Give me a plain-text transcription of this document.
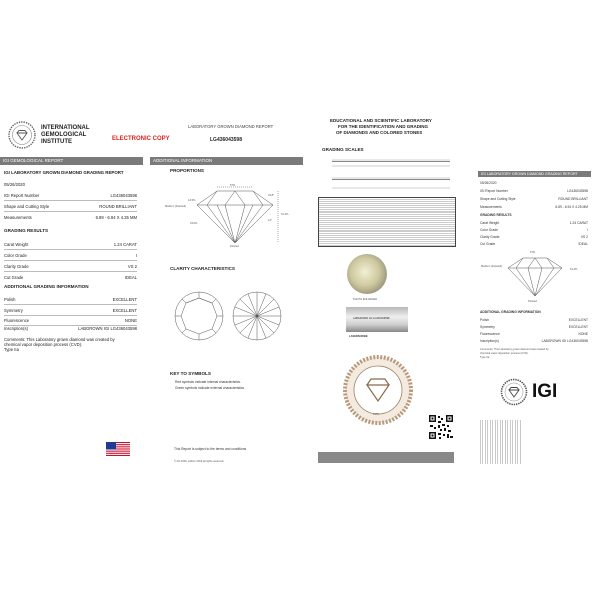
INTERNATIONAL
GEMOLOGICAL
INSTITUTE	ELECTRONIC COPY
LABORATORY GROWN DIAMOND REPORT
LG436043598
IGI GEMOLOGICAL REPORT	ADDITIONAL INFORMATION
IGI LABORATORY GROWN DIAMOND GRADING REPORT
05/26/2020
IGI Report Number	LG436043598
Shape and Cutting Style	ROUND BRILLIANT
Measurements	6.89 - 6.94 X 4.25 MM
GRADING RESULTS
Carat Weight	1.24 CARAT
Color Grade	I
Clarity Grade	VS 2
Cut Grade	IDEAL
ADDITIONAL GRADING INFORMATION
Polish	EXCELLENT
Symmetry	EXCELLENT
Fluorescence	NONE
Inscription(s)	LABGROWN IGI LG436043598
Comments: This Laboratory grown diamond was created by
chemical vapor deposition process (CVD).
Type IIa
PROPORTIONS
57%
34.8°
14.5%
61.4%
41°
43.0%
Medium (Faceted)
Pointed
CLARITY CHARACTERISTICS
KEY TO SYMBOLS
Red symbols indicate internal characteristics.
Green symbols indicate external characteristics.
This Report is subject to the terms and conditions
© IGI 2000, edition 2019 all rights reserved
EDUCATIONAL AND SCIENTIFIC LABORATORY
FOR THE IDENTIFICATION AND GRADING
OF DIAMONDS AND COLORED STONES
GRADING SCALES
PHOTO ENLARGED
LABGROWN IGI LG436043598
LASERSCRIBE
1975
IGI LABORATORY GROWN DIAMOND GRADING REPORT
05/26/2020
IGI Report Number	LG436043598
Shape and Cutting Style	ROUND BRILLIANT
Measurements	6.89 - 6.94 X 4.25 MM
GRADING RESULTS
Carat Weight	1.24 CARAT
Color Grade	I
Clarity Grade	VS 2
Cut Grade	IDEAL
57%
Medium (Faceted)
61.4%
Pointed
ADDITIONAL GRADING INFORMATION
Polish	EXCELLENT
Symmetry	EXCELLENT
Fluorescence	NONE
Inscription(s)	LABGROWN IGI LG436043598
Comments: This Laboratory grown diamond was created by
chemical vapor deposition process (CVD).
Type IIa
IGI
